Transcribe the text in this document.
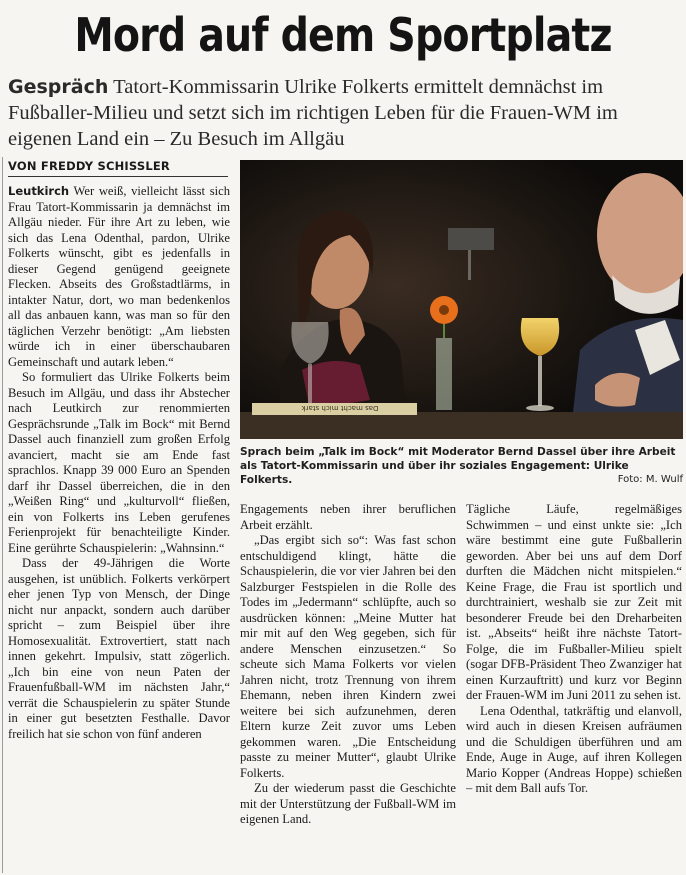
Mord auf dem Sportplatz

Gespräch Tatort-Kommissarin Ulrike Folkerts ermittelt demnächst im Fußballer-Milieu und setzt sich im richtigen Leben für die Frauen-WM im eigenen Land ein – Zu Besuch im Allgäu

VON FREDDY SCHISSLER

Leutkirch Wer weiß, vielleicht lässt sich Frau Tatort-Kommissarin ja demnächst im Allgäu nieder. Für ihre Art zu leben, wie sich das Lena Odenthal, pardon, Ulrike Folkerts wünscht, gibt es jedenfalls in dieser Gegend genügend geeignete Flecken. Abseits des Großstadtlärms, in intakter Natur, dort, wo man bedenkenlos all das anbauen kann, was man so für den täglichen Verzehr benötigt: „Am liebsten würde ich in einer überschaubaren Gemeinschaft und autark leben.“

So formuliert das Ulrike Folkerts beim Besuch im Allgäu, und dass ihr Abstecher nach Leutkirch zur renommierten Gesprächsrunde „Talk im Bock“ mit Bernd Dassel auch finanziell zum großen Erfolg avanciert, macht sie am Ende fast sprachlos. Knapp 39 000 Euro an Spenden darf ihr Dassel überreichen, die in den „Weißen Ring“ und „kulturvoll“ fließen, ein von Folkerts ins Leben gerufenes Ferienprojekt für benachteiligte Kinder. Eine gerührte Schauspielerin: „Wahnsinn.“

Dass der 49-Jährigen die Worte ausgehen, ist unüblich. Folkerts verkörpert eher jenen Typ von Mensch, der Dinge nicht nur anpackt, sondern auch darüber spricht – zum Beispiel über ihre Homosexualität. Extrovertiert, statt nach innen gekehrt. Impulsiv, statt zögerlich. „Ich bin eine von neun Paten der Frauenfußball-WM im nächsten Jahr,“ verrät die Schauspielerin zu später Stunde in einer gut besetzten Festhalle. Davor freilich hat sie schon von fünf anderen

Das macht mich stark
Sprach beim „Talk im Bock“ mit Moderator Bernd Dassel über ihre Arbeit als Tatort-Kommissarin und über ihr soziales Engagement: Ulrike Folkerts.	Foto: M. Wulf

Engagements neben ihrer beruflichen Arbeit erzählt.

„Das ergibt sich so“: Was fast schon entschuldigend klingt, hätte die Schauspielerin, die vor vier Jahren bei den Salzburger Festspielen in die Rolle des Todes im „Jedermann“ schlüpfte, auch so ausdrücken können: „Meine Mutter hat mir mit auf den Weg gegeben, sich für andere Menschen einzusetzen.“ So scheute sich Mama Folkerts vor vielen Jahren nicht, trotz Trennung von ihrem Ehemann, neben ihren Kindern zwei weitere bei sich aufzunehmen, deren Eltern kurze Zeit zuvor ums Leben gekommen waren. „Die Entscheidung passte zu meiner Mutter“, glaubt Ulrike Folkerts.

Zu der wiederum passt die Geschichte mit der Unterstützung der Fußball-WM im eigenen Land.

Tägliche Läufe, regelmäßiges Schwimmen – und einst unkte sie: „Ich wäre bestimmt eine gute Fußballerin geworden. Aber bei uns auf dem Dorf durften die Mädchen nicht mitspielen.“ Keine Frage, die Frau ist sportlich und durchtrainiert, weshalb sie zur Zeit mit besonderer Freude bei den Dreharbeiten ist. „Abseits“ heißt ihre nächste Tatort-Folge, die im Fußballer-Milieu spielt (sogar DFB-Präsident Theo Zwanziger hat einen Kurzauftritt) und kurz vor Beginn der Frauen-WM im Juni 2011 zu sehen ist.

Lena Odenthal, tatkräftig und elanvoll, wird auch in diesen Kreisen aufräumen und die Schuldigen überführen und am Ende, Auge in Auge, auf ihren Kollegen Mario Kopper (Andreas Hoppe) schießen – mit dem Ball aufs Tor.
